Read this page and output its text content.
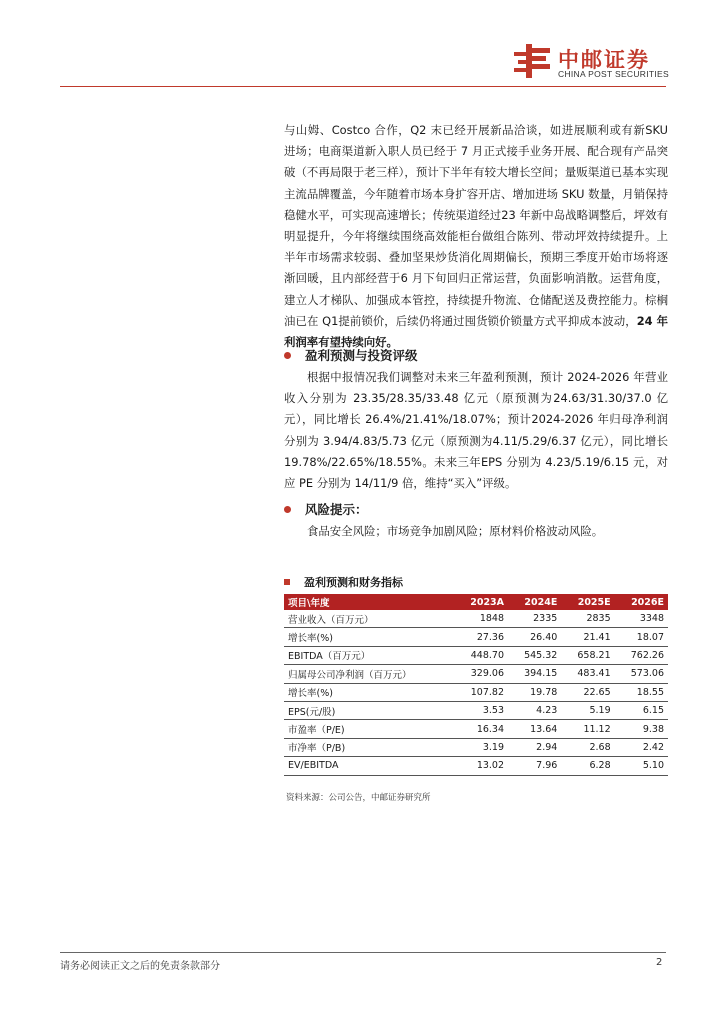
中邮证券
CHINA POST SECURITIES
与山姆、Costco 合作，Q2 末已经开展新品洽谈，如进展顺利或有新SKU 进场；电商渠道新入职人员已经于 7 月正式接手业务开展、配合现有产品突破（不再局限于老三样），预计下半年有较大增长空间；量贩渠道已基本实现主流品牌覆盖，今年随着市场本身扩容开店、增加进场 SKU 数量，月销保持稳健水平，可实现高速增长；传统渠道经过23 年新中岛战略调整后，坪效有明显提升，今年将继续围绕高效能柜台做组合陈列、带动坪效持续提升。上半年市场需求较弱、叠加坚果炒货消化周期偏长，预期三季度开始市场将逐渐回暖，且内部经营于6 月下旬回归正常运营，负面影响消散。运营角度，建立人才梯队、加强成本管控，持续提升物流、仓储配送及费控能力。棕榈油已在 Q1提前锁价，后续仍将通过囤货锁价锁量方式平抑成本波动，24 年利润率有望持续向好。
盈利预测与投资评级
根据中报情况我们调整对未来三年盈利预测，预计 2024-2026 年营业收入分别为 23.35/28.35/33.48 亿元（原预测为24.63/31.30/37.0 亿元），同比增长 26.4%/21.41%/18.07%；预计2024-2026 年归母净利润分别为 3.94/4.83/5.73 亿元（原预测为4.11/5.29/6.37 亿元），同比增长 19.78%/22.65%/18.55%。未来三年EPS 分别为 4.23/5.19/6.15 元，对应 PE 分别为 14/11/9 倍，维持“买入”评级。
风险提示：
食品安全风险；市场竞争加剧风险；原材料价格波动风险。
盈利预测和财务指标
项目\年度	2023A	2024E	2025E	2026E
营业收入（百万元）	1848	2335	2835	3348
增长率(%)	27.36	26.40	21.41	18.07
EBITDA（百万元）	448.70	545.32	658.21	762.26
归属母公司净利润（百万元）	329.06	394.15	483.41	573.06
增长率(%)	107.82	19.78	22.65	18.55
EPS(元/股)	3.53	4.23	5.19	6.15
市盈率（P/E)	16.34	13.64	11.12	9.38
市净率（P/B)	3.19	2.94	2.68	2.42
EV/EBITDA	13.02	7.96	6.28	5.10
资料来源：公司公告，中邮证券研究所
请务必阅读正文之后的免责条款部分	2
